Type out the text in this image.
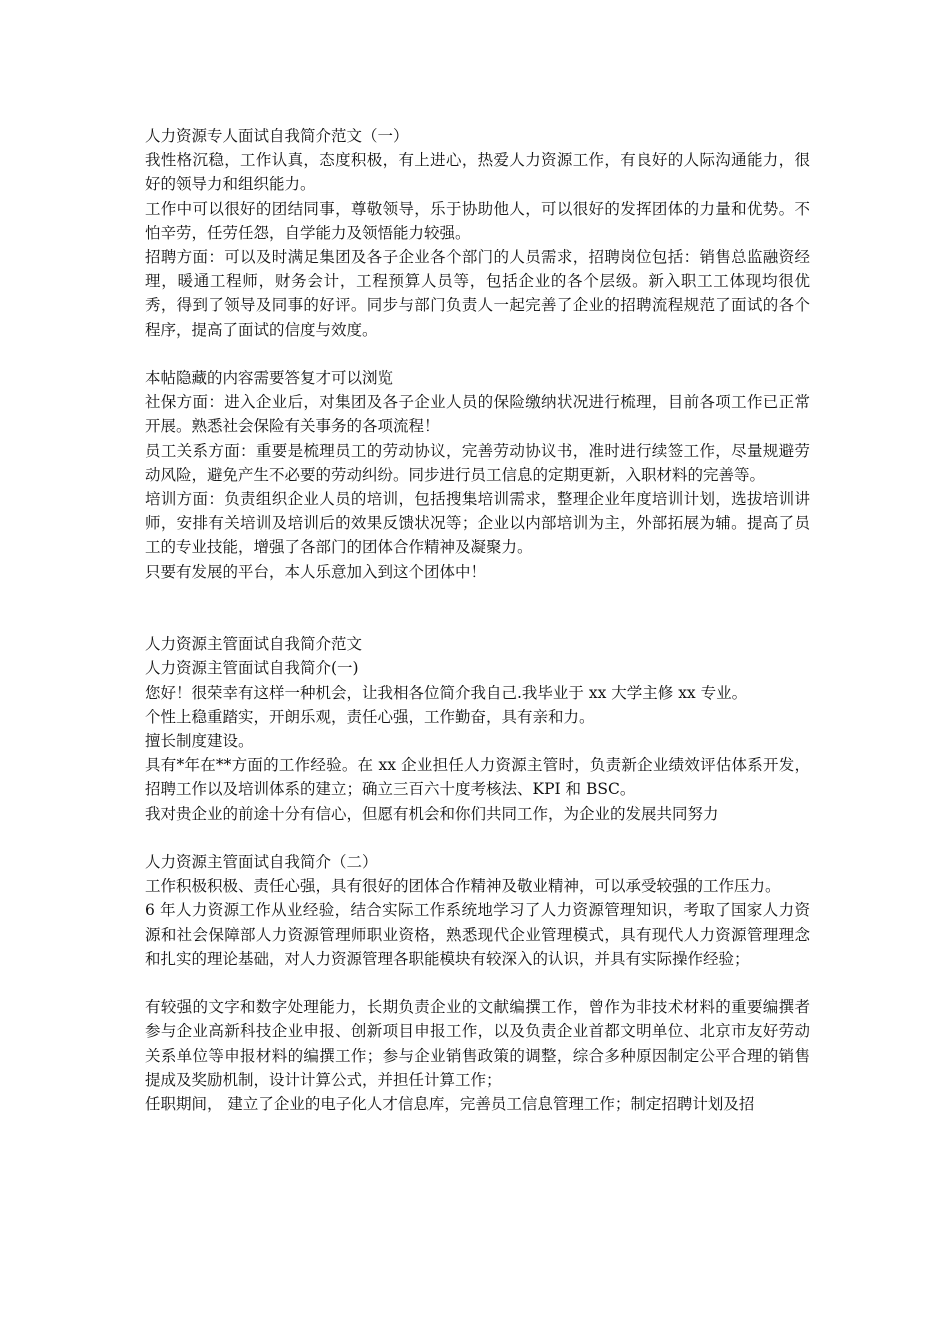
人力资源专人面试自我简介范文（一）

我性格沉稳，工作认真，态度积极，有上进心，热爱人力资源工作，有良好的人际沟通能力，很好的领导力和组织能力。

工作中可以很好的团结同事，尊敬领导，乐于协助他人，可以很好的发挥团体的力量和优势。不怕辛劳，任劳任怨，自学能力及领悟能力较强。

招聘方面：可以及时满足集团及各子企业各个部门的人员需求，招聘岗位包括：销售总监融资经理，暖通工程师，财务会计，工程预算人员等，包括企业的各个层级。新入职工工体现均很优秀，得到了领导及同事的好评。同步与部门负责人一起完善了企业的招聘流程规范了面试的各个程序，提高了面试的信度与效度。

本帖隐藏的内容需要答复才可以浏览

社保方面：进入企业后，对集团及各子企业人员的保险缴纳状况进行梳理，目前各项工作已正常开展。熟悉社会保险有关事务的各项流程！

员工关系方面：重要是梳理员工的劳动协议，完善劳动协议书，准时进行续签工作，尽量规避劳动风险，避免产生不必要的劳动纠纷。同步进行员工信息的定期更新，入职材料的完善等。

培训方面：负责组织企业人员的培训，包括搜集培训需求，整理企业年度培训计划，选拔培训讲师，安排有关培训及培训后的效果反馈状况等；企业以内部培训为主，外部拓展为辅。提高了员工的专业技能，增强了各部门的团体合作精神及凝聚力。

只要有发展的平台，本人乐意加入到这个团体中！

人力资源主管面试自我简介范文

人力资源主管面试自我简介(一)

您好！很荣幸有这样一种机会，让我相各位简介我自己.我毕业于 xx 大学主修 xx 专业。

个性上稳重踏实，开朗乐观，责任心强，工作勤奋，具有亲和力。

擅长制度建设。

具有*年在**方面的工作经验。在 xx 企业担任人力资源主管时，负责新企业绩效评估体系开发，招聘工作以及培训体系的建立；确立三百六十度考核法、KPI 和 BSC。

我对贵企业的前途十分有信心，但愿有机会和你们共同工作，为企业的发展共同努力

人力资源主管面试自我简介（二）

工作积极积极、责任心强，具有很好的团体合作精神及敬业精神，可以承受较强的工作压力。

6 年人力资源工作从业经验，结合实际工作系统地学习了人力资源管理知识，考取了国家人力资源和社会保障部人力资源管理师职业资格，熟悉现代企业管理模式，具有现代人力资源管理理念和扎实的理论基础，对人力资源管理各职能模块有较深入的认识，并具有实际操作经验；

有较强的文字和数字处理能力，长期负责企业的文献编撰工作，曾作为非技术材料的重要编撰者参与企业高新科技企业申报、创新项目申报工作，以及负责企业首都文明单位、北京市友好劳动关系单位等申报材料的编撰工作；参与企业销售政策的调整，综合多种原因制定公平合理的销售提成及奖励机制，设计计算公式，并担任计算工作；

任职期间， 建立了企业的电子化人才信息库，完善员工信息管理工作；制定招聘计划及招
